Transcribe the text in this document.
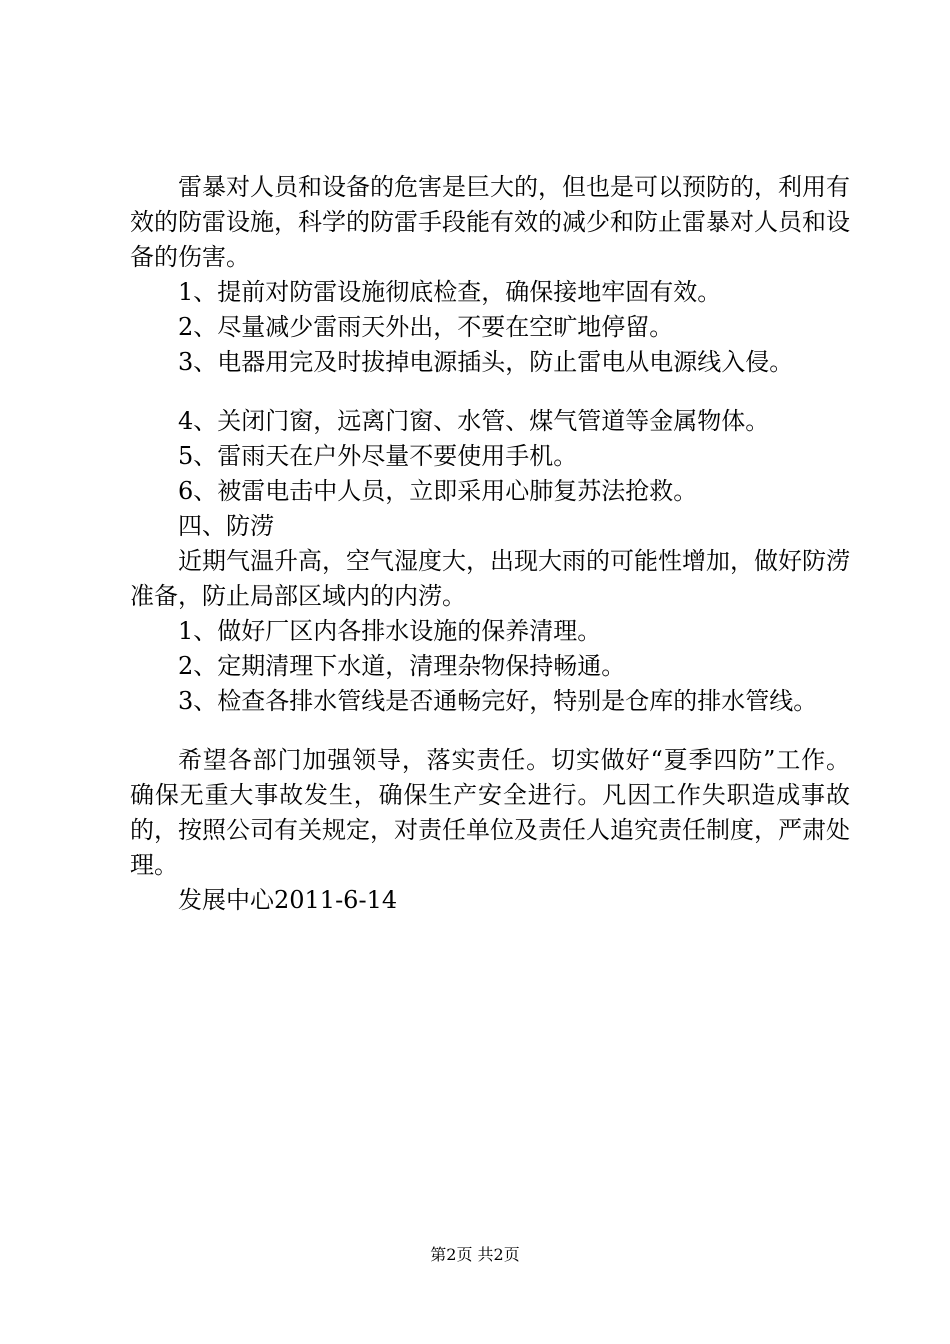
雷暴对人员和设备的危害是巨大的，但也是可以预防的，利用有效的防雷设施，科学的防雷手段能有效的减少和防止雷暴对人员和设备的伤害。

1、提前对防雷设施彻底检查，确保接地牢固有效。

2、尽量减少雷雨天外出，不要在空旷地停留。

3、电器用完及时拔掉电源插头，防止雷电从电源线入侵。

4、关闭门窗，远离门窗、水管、煤气管道等金属物体。

5、雷雨天在户外尽量不要使用手机。

6、被雷电击中人员，立即采用心肺复苏法抢救。

四、防涝

近期气温升高，空气湿度大，出现大雨的可能性增加，做好防涝准备，防止局部区域内的内涝。

1、做好厂区内各排水设施的保养清理。

2、定期清理下水道，清理杂物保持畅通。

3、检查各排水管线是否通畅完好，特别是仓库的排水管线。

希望各部门加强领导，落实责任。切实做好“夏季四防”工作。确保无重大事故发生，确保生产安全进行。凡因工作失职造成事故的，按照公司有关规定，对责任单位及责任人追究责任制度，严肃处理。

发展中心2011-6-14

第2页 共2页
